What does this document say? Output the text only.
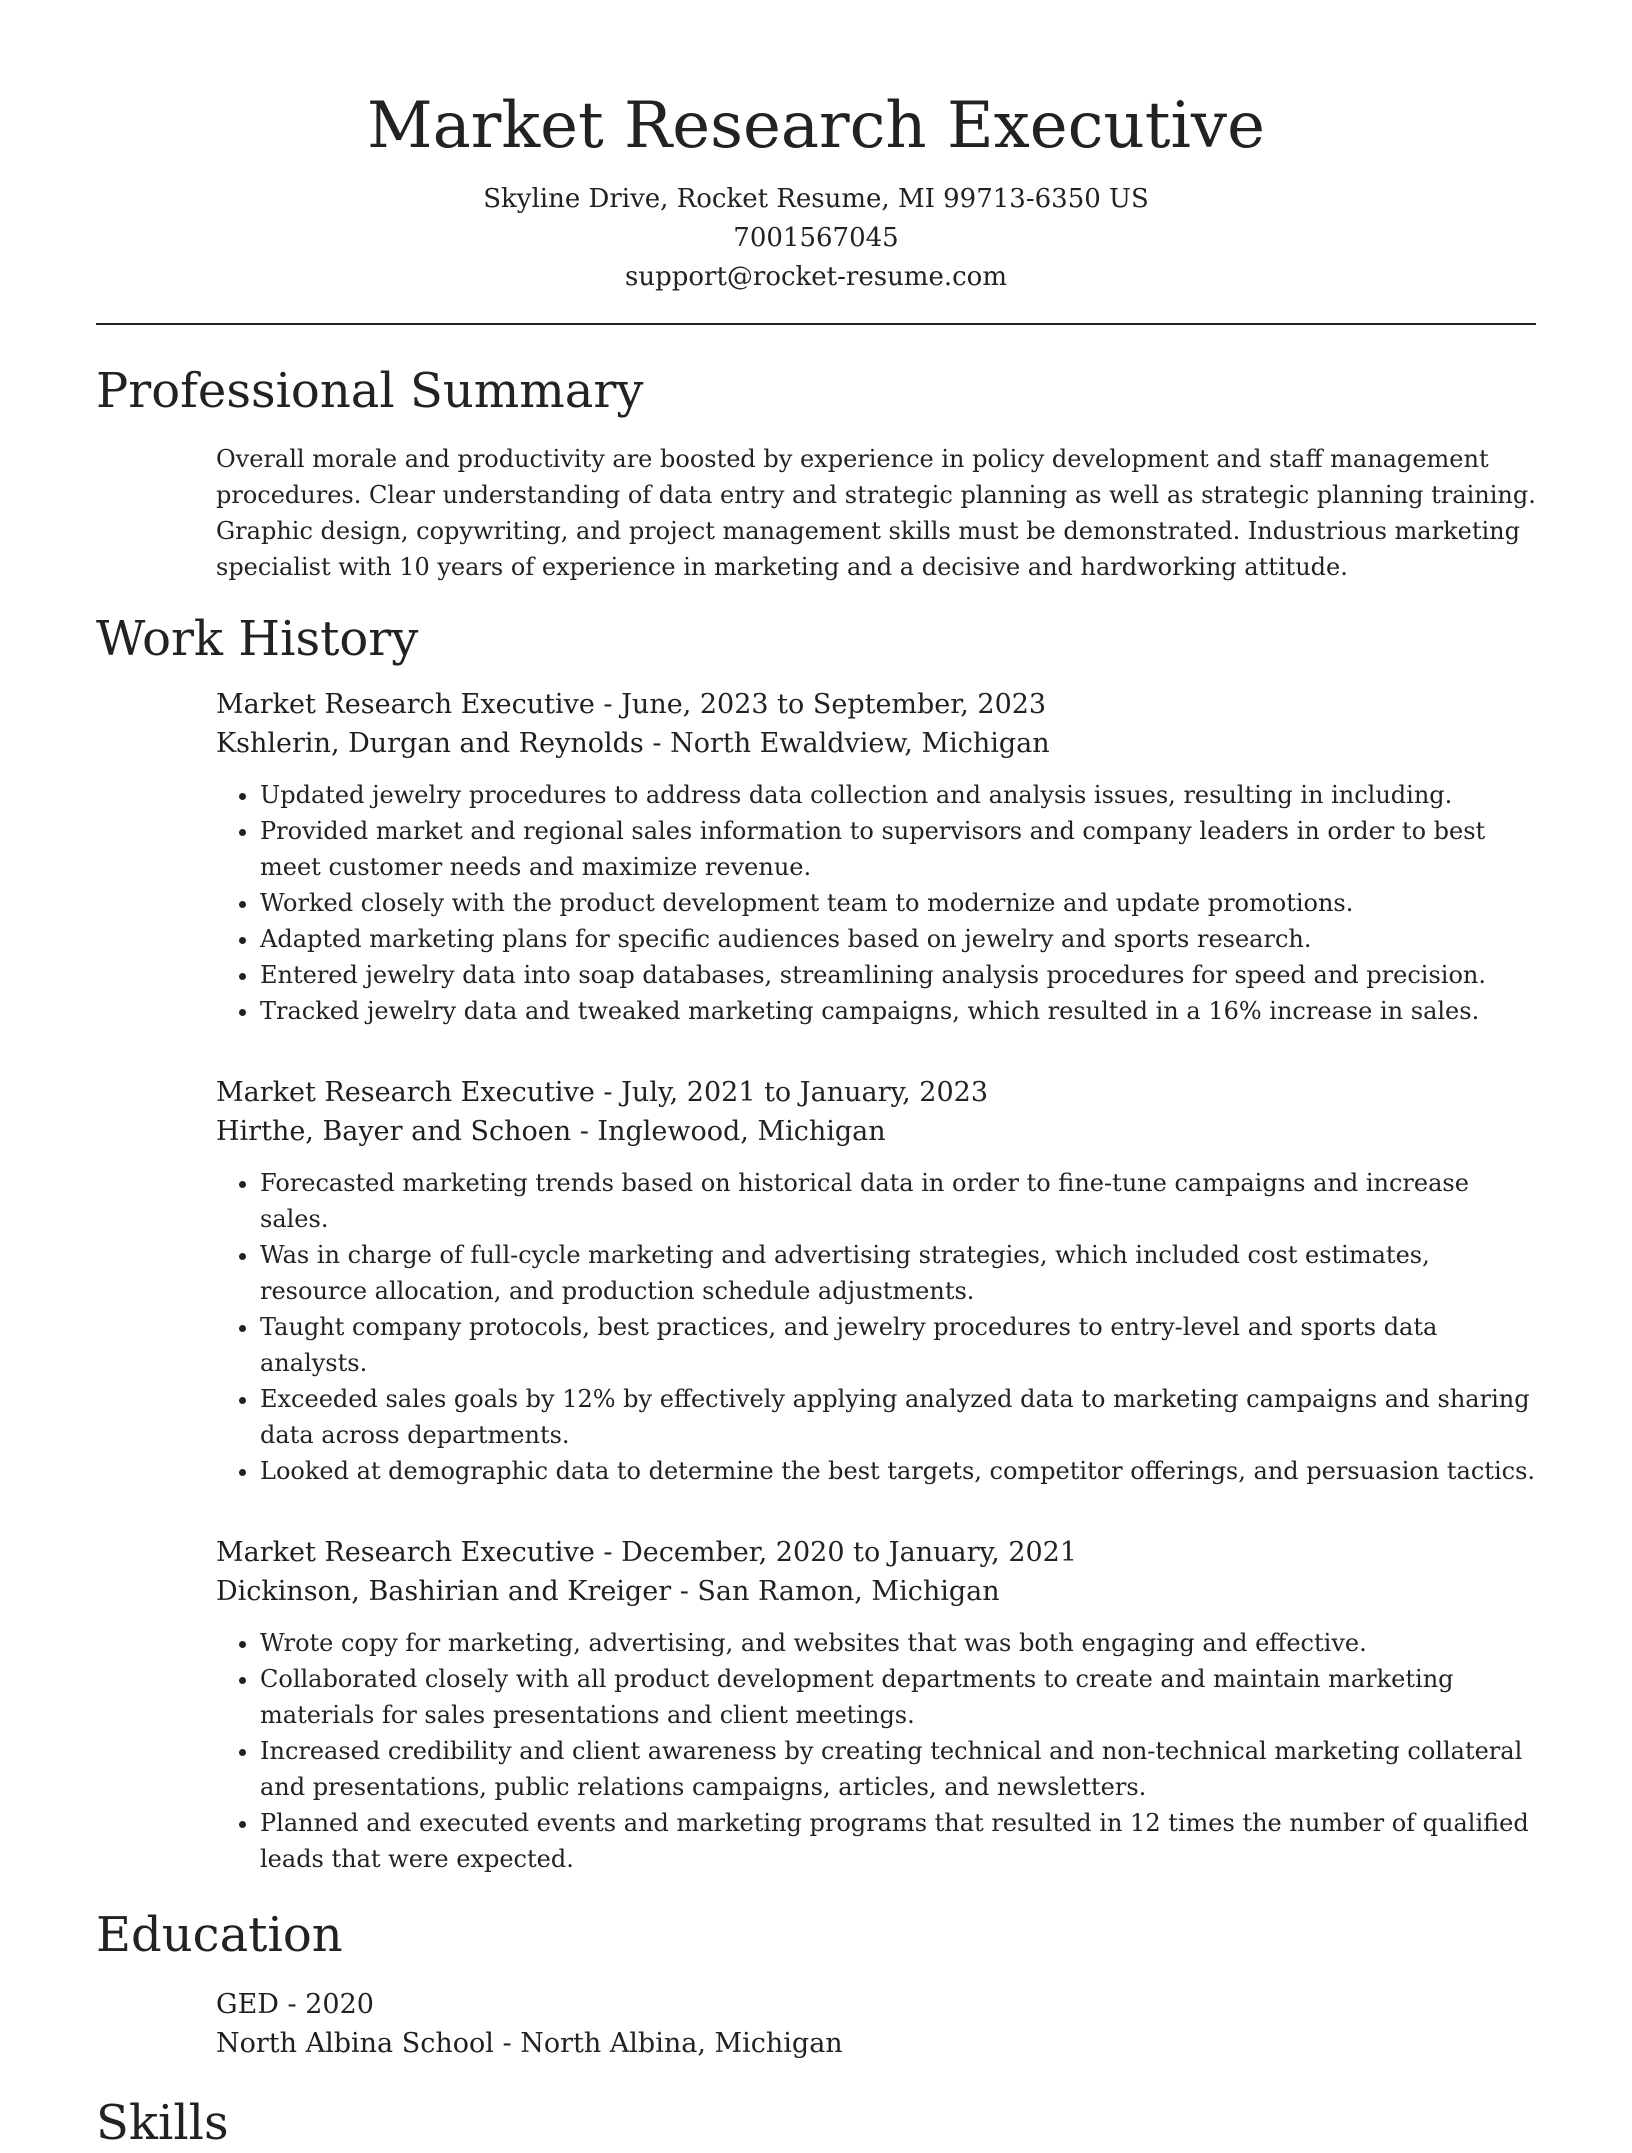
Market Research Executive

Skyline Drive, Rocket Resume, MI 99713-6350 US

7001567045

support@rocket-resume.com

Professional Summary

Overall morale and productivity are boosted by experience in policy development and staff management procedures. Clear understanding of data entry and strategic planning as well as strategic planning training. Graphic design, copywriting, and project management skills must be demonstrated. Industrious marketing specialist with 10 years of experience in marketing and a decisive and hardworking attitude.

Work History

Market Research Executive - June, 2023 to September, 2023

Kshlerin, Durgan and Reynolds - North Ewaldview, Michigan

• Updated jewelry procedures to address data collection and analysis issues, resulting in including.
• Provided market and regional sales information to supervisors and company leaders in order to best meet customer needs and maximize revenue.
• Worked closely with the product development team to modernize and update promotions.
• Adapted marketing plans for specific audiences based on jewelry and sports research.
• Entered jewelry data into soap databases, streamlining analysis procedures for speed and precision.
• Tracked jewelry data and tweaked marketing campaigns, which resulted in a 16% increase in sales.

Market Research Executive - July, 2021 to January, 2023

Hirthe, Bayer and Schoen - Inglewood, Michigan

• Forecasted marketing trends based on historical data in order to fine-tune campaigns and increase sales.
• Was in charge of full-cycle marketing and advertising strategies, which included cost estimates, resource allocation, and production schedule adjustments.
• Taught company protocols, best practices, and jewelry procedures to entry-level and sports data analysts.
• Exceeded sales goals by 12% by effectively applying analyzed data to marketing campaigns and sharing data across departments.
• Looked at demographic data to determine the best targets, competitor offerings, and persuasion tactics.

Market Research Executive - December, 2020 to January, 2021

Dickinson, Bashirian and Kreiger - San Ramon, Michigan

• Wrote copy for marketing, advertising, and websites that was both engaging and effective.
• Collaborated closely with all product development departments to create and maintain marketing materials for sales presentations and client meetings.
• Increased credibility and client awareness by creating technical and non-technical marketing collateral and presentations, public relations campaigns, articles, and newsletters.
• Planned and executed events and marketing programs that resulted in 12 times the number of qualified leads that were expected.
Education

GED - 2020

North Albina School - North Albina, Michigan

Skills
